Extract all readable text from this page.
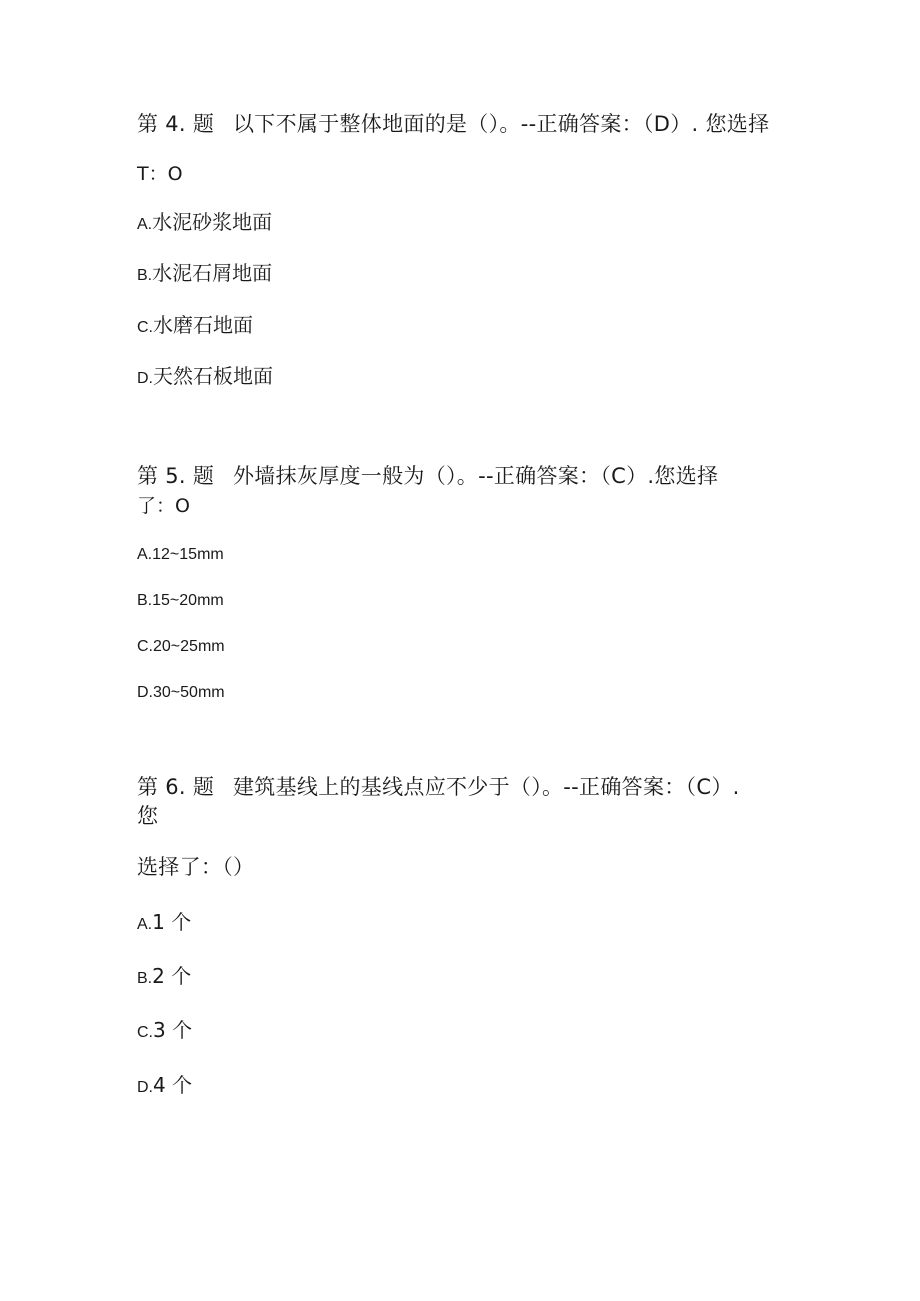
第 4. 题 以下不属于整体地面的是（）。--正确答案：（D）. 您选择
T：O
A.水泥砂浆地面
B.水泥石屑地面
C.水磨石地面
D.天然石板地面
第 5. 题 外墙抹灰厚度一般为（）。--正确答案：（C）.您选择
了：O
A.12~15mm
B.15~20mm
C.20~25mm
D.30~50mm
第 6. 题 建筑基线上的基线点应不少于（）。--正确答案：（C）.
您
选择了：（）
A.1 个
B.2 个
C.3 个
D.4 个
